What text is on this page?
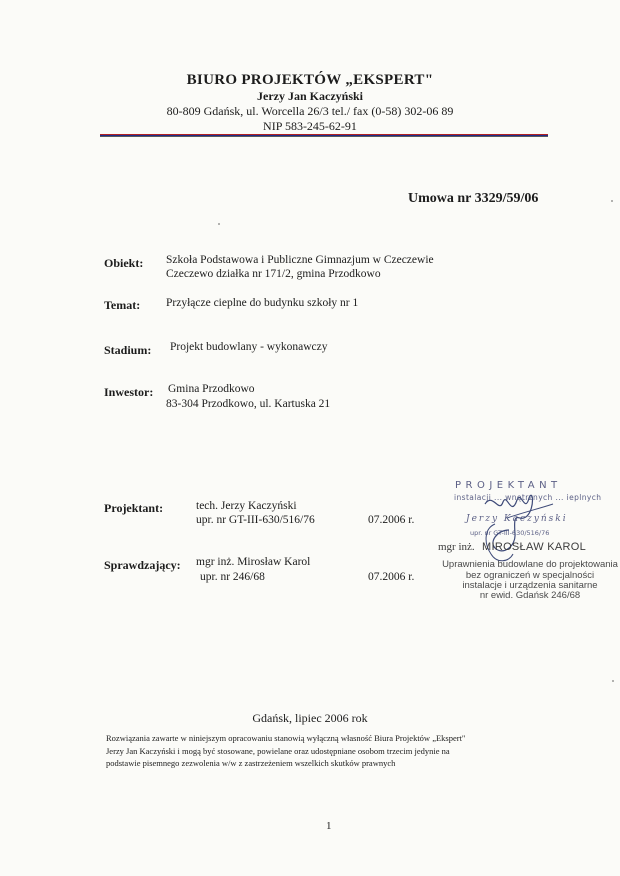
BIURO PROJEKTÓW „EKSPERT"
Jerzy Jan Kaczyński
80-809 Gdańsk, ul. Worcella 26/3 tel./ fax (0-58) 302-06 89
NIP 583-245-62-91
Umowa nr 3329/59/06
Obiekt: Szkoła Podstawowa i Publiczne Gimnazjum w Czeczewie
Czeczewo działka nr 171/2, gmina Przodkowo
Temat: Przyłącze cieplne do budynku szkoły nr 1
Stadium: Projekt budowlany - wykonawczy
Inwestor: Gmina Przodkowo
83-304 Przodkowo, ul. Kartuska 21
Projektant:	tech. Jerzy Kaczyński
upr. nr GT-III-630/516/76	07.2006 r.
Sprawdzający: mgr inż. Mirosław Karol
upr. nr 246/68	07.2006 r.
PROJEKTANT
instalacji ... wnętrznych ... ieplnych
Jerzy Kaczyński
upr. nr GT-III-630/516/76
mgr inż. MIROSŁAW KAROL
Uprawnienia budowlane do projektowania
bez ograniczeń w specjalności
instalacje i urządzenia sanitarne
nr ewid. Gdańsk 246/68
Gdańsk, lipiec 2006 rok
Rozwiązania zawarte w niniejszym opracowaniu stanowią wyłączną własność Biura Projektów „Ekspert"
Jerzy Jan Kaczyński i mogą być stosowane, powielane oraz udostępniane osobom trzecim jedynie na
podstawie pisemnego zezwolenia w/w z zastrzeżeniem wszelkich skutków prawnych
1
